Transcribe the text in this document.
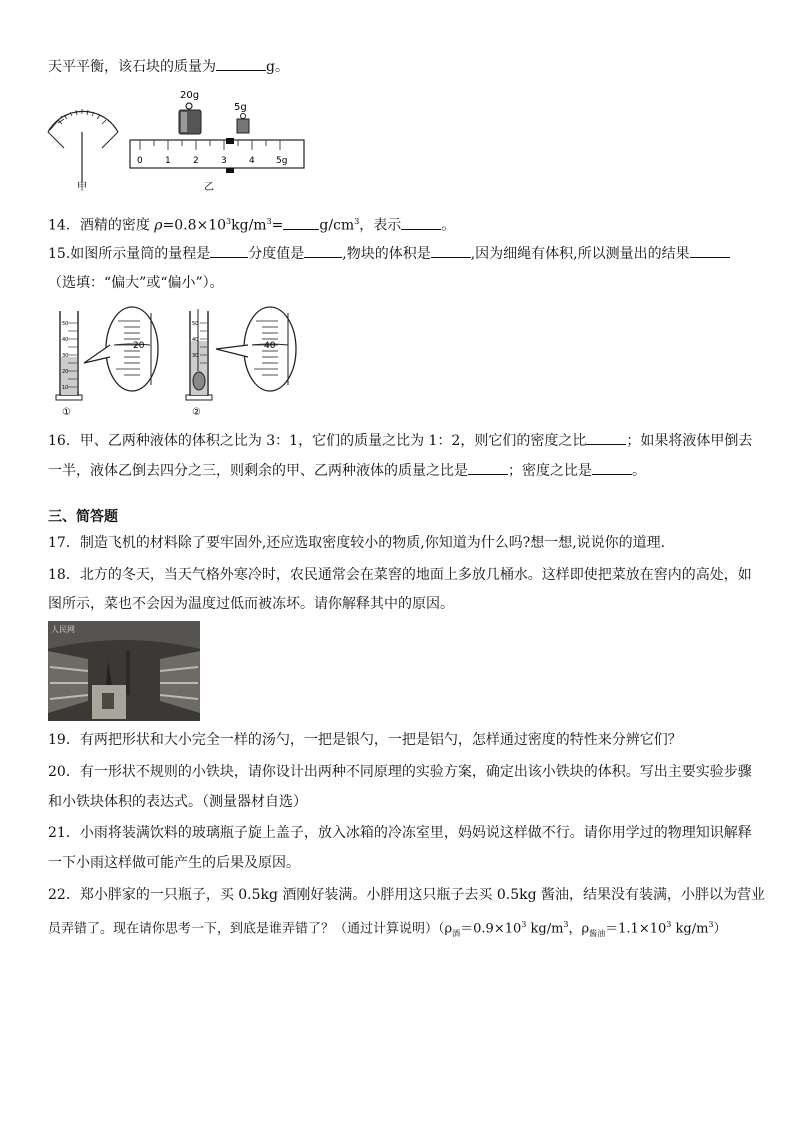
天平平衡，该石块的质量为	g。
甲
20g
5g
0 1 2 3 4 5g
乙
14．酒精的密度 $\rho=0.8\times 10^3kg/m^3=$	$g/cm^3$，表示	。
15.如图所示量筒的量程是	分度值是	,物块的体积是	,因为细绳有体积,所以测量出的结果
（选填：“偏大”或“偏小”）。
50
40
30
20
10
①
20
50
40
30
②
40
16．甲、乙两种液体的体积之比为 3：1，它们的质量之比为 1：2，则它们的密度之比	；如果将液体甲倒去
一半，液体乙倒去四分之三，则剩余的甲、乙两种液体的质量之比是	；密度之比是	。
三、简答题
17．制造飞机的材料除了要牢固外,还应选取密度较小的物质,你知道为什么吗?想一想,说说你的道理.
18．北方的冬天，当天气格外寒冷时，农民通常会在菜窖的地面上多放几桶水。这样即使把菜放在窖内的高处，如
图所示，菜也不会因为温度过低而被冻坏。请你解释其中的原因。
人民网
19．有两把形状和大小完全一样的汤勺，一把是银勺，一把是铝勺，怎样通过密度的特性来分辨它们？
20．有一形状不规则的小铁块，请你设计出两种不同原理的实验方案，确定出该小铁块的体积。写出主要实验步骤
和小铁块体积的表达式。（测量器材自选）
21．小雨将装满饮料的玻璃瓶子旋上盖子，放入冰箱的冷冻室里，妈妈说这样做不行。请你用学过的物理知识解释
一下小雨这样做可能产生的后果及原因。
22．郑小胖家的一只瓶子，买 0.5kg 酒刚好装满。小胖用这只瓶子去买 0.5kg 酱油，结果没有装满，小胖以为营业
员弄错了。现在请你思考一下，到底是谁弄错了？（通过计算说明）（$\rho_酒=0.9\times 10^3$ $kg/m^3$，$\rho_{酱油}=1.1\times 10^3$ $kg/m^3$）
